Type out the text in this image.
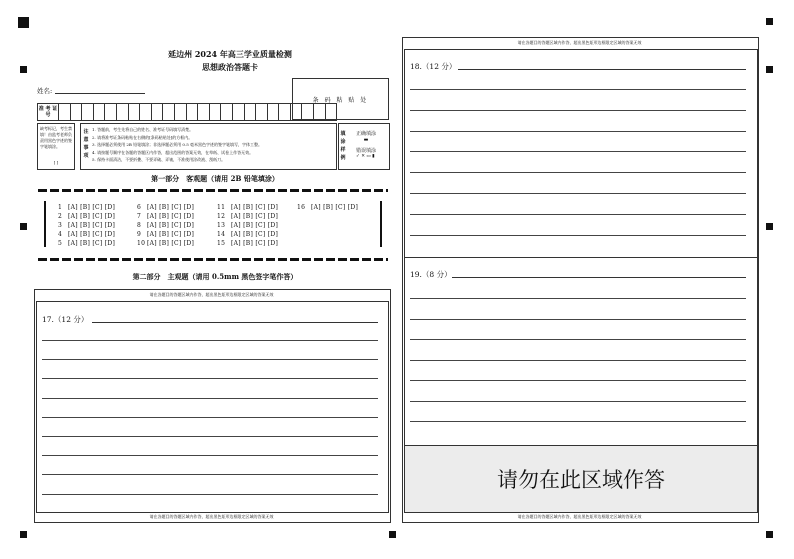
延边州 2024 年高三学业质量检测
思想政治答题卡
姓名:
条 码 粘 贴 处
准 考 证 号
缺考标记，考生禁填！由监考老师负责用黑色字迹的签字笔填涂。
[ ]
注 意 事 项
1. 答题前，考生先将自己的姓名、准考证号码填写清楚。
2. 请将准考证条码粘贴在右侧的[条码粘贴处]的方框内。
3. 选择题必须使用 2B 铅笔填涂；非选择题必须用 0.5 毫米黑色字迹的签字笔填写，字体工整。
4. 请按题号顺序在各题的答题区内作答，超出范围的答案无效，在草纸、试卷上作答无效。
5. 保持卡面清洁，不要折叠、不要弄破、弄皱，不准使用涂改液、刮纸刀。
填 涂 样 例
正确填涂
▬
错误填涂
✓ ✕ ▭ ▮
第一部分　客观题（请用 2B 铅笔填涂）
1 [A] [B] [C] [D]
2 [A] [B] [C] [D]
3 [A] [B] [C] [D]
4 [A] [B] [C] [D]
5 [A] [B] [C] [D]
6 [A] [B] [C] [D]
7 [A] [B] [C] [D]
8 [A] [B] [C] [D]
9 [A] [B] [C] [D]
10 [A] [B] [C] [D]
11 [A] [B] [C] [D]
12 [A] [B] [C] [D]
13 [A] [B] [C] [D]
14 [A] [B] [C] [D]
15 [A] [B] [C] [D]
16 [A] [B] [C] [D]
第二部分　主观题（请用 0.5mm 黑色签字笔作答）
请在各题目的答题区域内作答，超出黑色矩形边框限定区域的答案无效
17.（12 分）
请在各题目的答题区域内作答，超出黑色矩形边框限定区域的答案无效
请在各题目的答题区域内作答，超出黑色矩形边框限定区域的答案无效
18.（12 分）
19.（8 分）
请勿在此区域作答
请在各题目的答题区域内作答，超出黑色矩形边框限定区域的答案无效
